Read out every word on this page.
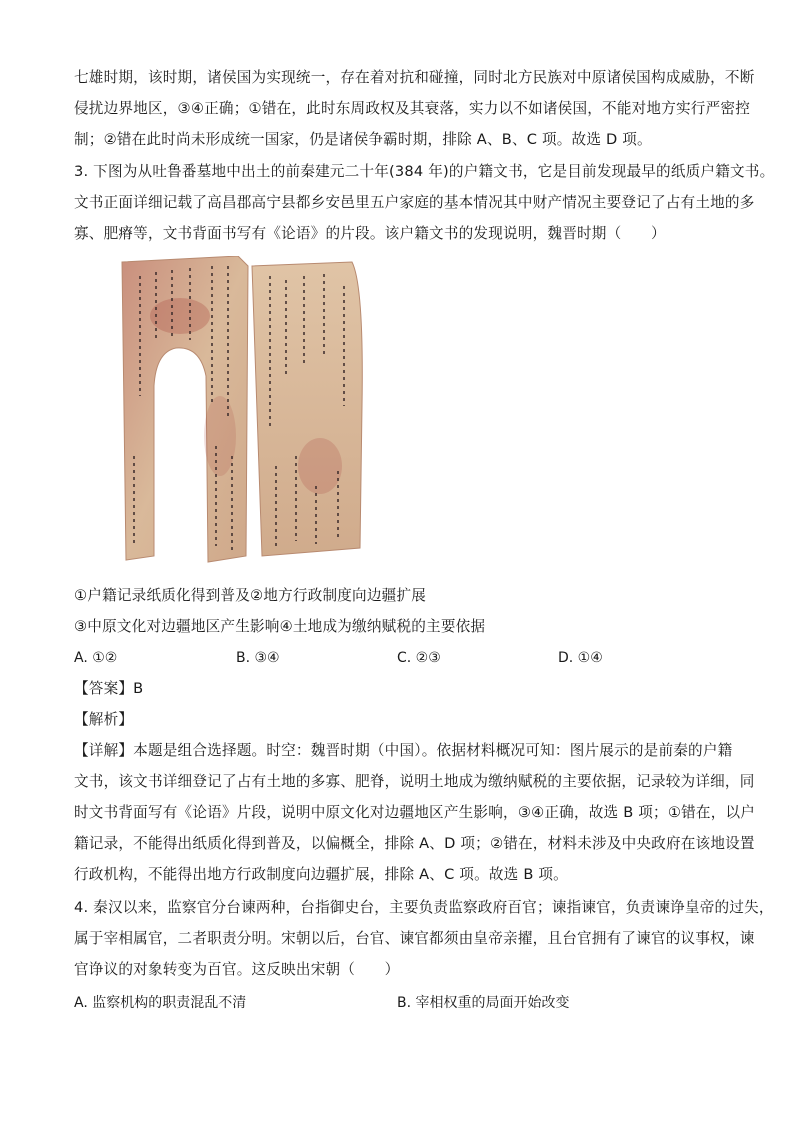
七雄时期，该时期，诸侯国为实现统一，存在着对抗和碰撞，同时北方民族对中原诸侯国构成威胁，不断
侵扰边界地区，③④正确；①错在，此时东周政权及其衰落，实力以不如诸侯国，不能对地方实行严密控
制；②错在此时尚未形成统一国家，仍是诸侯争霸时期，排除 A、B、C 项。故选 D 项。
3. 下图为从吐鲁番墓地中出土的前秦建元二十年(384 年)的户籍文书，它是目前发现最早的纸质户籍文书。
文书正面详细记载了高昌郡高宁县都乡安邑里五户家庭的基本情况其中财产情况主要登记了占有土地的多
寡、肥瘠等，文书背面书写有《论语》的片段。该户籍文书的发现说明，魏晋时期（　　）
①户籍记录纸质化得到普及②地方行政制度向边疆扩展
③中原文化对边疆地区产生影响④土地成为缴纳赋税的主要依据
A. ①②	B. ③④	C. ②③	D. ①④
【答案】B
【解析】
【详解】本题是组合选择题。时空：魏晋时期（中国）。依据材料概况可知：图片展示的是前秦的户籍
文书，该文书详细登记了占有土地的多寡、肥脊，说明土地成为缴纳赋税的主要依据，记录较为详细，同
时文书背面写有《论语》片段，说明中原文化对边疆地区产生影响，③④正确，故选 B 项；①错在，以户
籍记录，不能得出纸质化得到普及，以偏概全，排除 A、D 项；②错在，材料未涉及中央政府在该地设置
行政机构，不能得出地方行政制度向边疆扩展，排除 A、C 项。故选 B 项。
4. 秦汉以来，监察官分台谏两种，台指御史台，主要负责监察政府百官；谏指谏官，负责谏诤皇帝的过失，
属于宰相属官，二者职责分明。宋朝以后，台官、谏官都须由皇帝亲擢，且台官拥有了谏官的议事权，谏
官诤议的对象转变为百官。这反映出宋朝（　　）
A. 监察机构的职责混乱不清	B. 宰相权重的局面开始改变
